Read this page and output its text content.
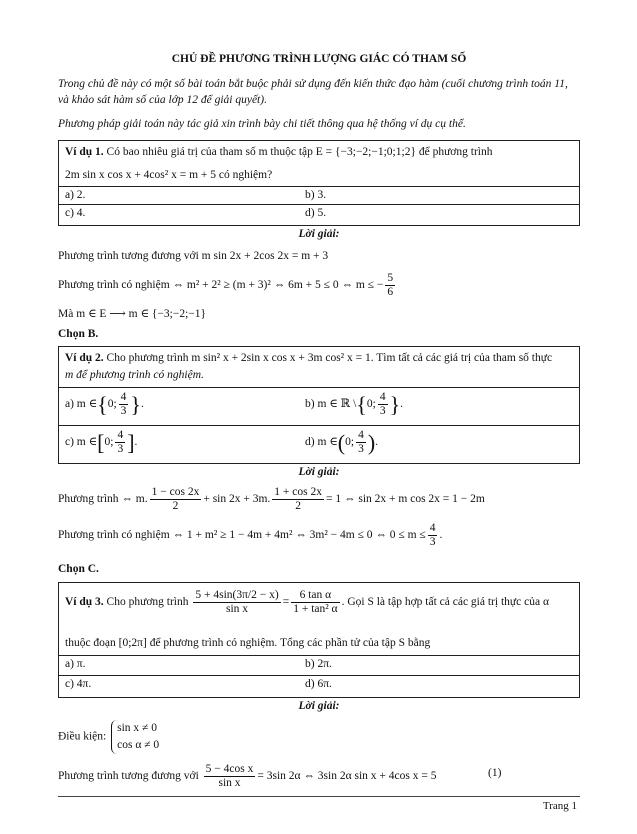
CHỦ ĐỀ PHƯƠNG TRÌNH LƯỢNG GIÁC CÓ THAM SỐ
Trong chủ đề này có một số bài toán bắt buộc phải sử dụng đến kiến thức đạo hàm (cuối chương trình toán 11, và khảo sát hàm số của lớp 12 để giải quyết).
Phương pháp giải toán này tác giả xin trình bày chi tiết thông qua hệ thống ví dụ cụ thể.
Ví dụ 1. Có bao nhiêu giá trị của tham số m thuộc tập E = {−3;−2;−1;0;1;2} để phương trình
2m sin x cos x + 4cos² x = m + 5 có nghiệm?
a) 2.	b) 3.
c) 4.	d) 5.
Lời giải:
Phương trình tương đương với m sin 2x + 2cos 2x = m + 3
Phương trình có nghiệm ⇔ m² + 2² ≥ (m + 3)² ⇔ 6m + 5 ≤ 0 ⇔ m ≤ − $\frac{5}{6}$
Mà m ∈ E ⟶ m ∈ {−3;−2;−1}
Chọn B.
Ví dụ 2. Cho phương trình m sin² x + 2sin x cos x + 3m cos² x = 1. Tìm tất cả các giá trị của tham số thực
m để phương trình có nghiệm.
a) m ∈{0; $\frac{4}{3}$ }.	b) m ∈ ℝ \{0; $\frac{4}{3}$ }.
c) m ∈[0; $\frac{4}{3}$ ].	d) m ∈(0; $\frac{4}{3}$ ).
Lời giải:
Phương trình ⇔ m. $\frac{1 - \cos 2x}{2} + \sin 2x + 3m$. $\frac{1 + \cos 2x}{2} = 1$ ⇔ sin 2x + m cos 2x = 1 − 2m
Phương trình có nghiệm ⇔ 1 + m² ≥ 1 − 4m + 4m² ⇔ 3m² − 4m ≤ 0 ⇔ $0 \le m \le \frac{4}{3}$ .
Chọn C.
Ví dụ 3. Cho phương trình $\frac{5 + 4\sin(3\pi/2 - x)}{\text{sin x}} = \frac{\text{6 tan α}}{\text{1 + tan² α}}$ . Gọi S là tập hợp tất cả các giá trị thực của α
thuộc đoạn [0;2π] để phương trình có nghiệm. Tổng các phần tử của tập S bằng
a) π.	b) 2π.
c) 4π.	d) 6π.
Lời giải:
Điều kiện:
sin x ≠ 0
cos α ≠ 0
Phương trình tương đương với $\frac{\text{5 − 4cos x}}{\text{sin x}} = 3\sin$ 2α ⇔ 3sin 2α sin x + 4cos x = 5	(1)
Trang 1
